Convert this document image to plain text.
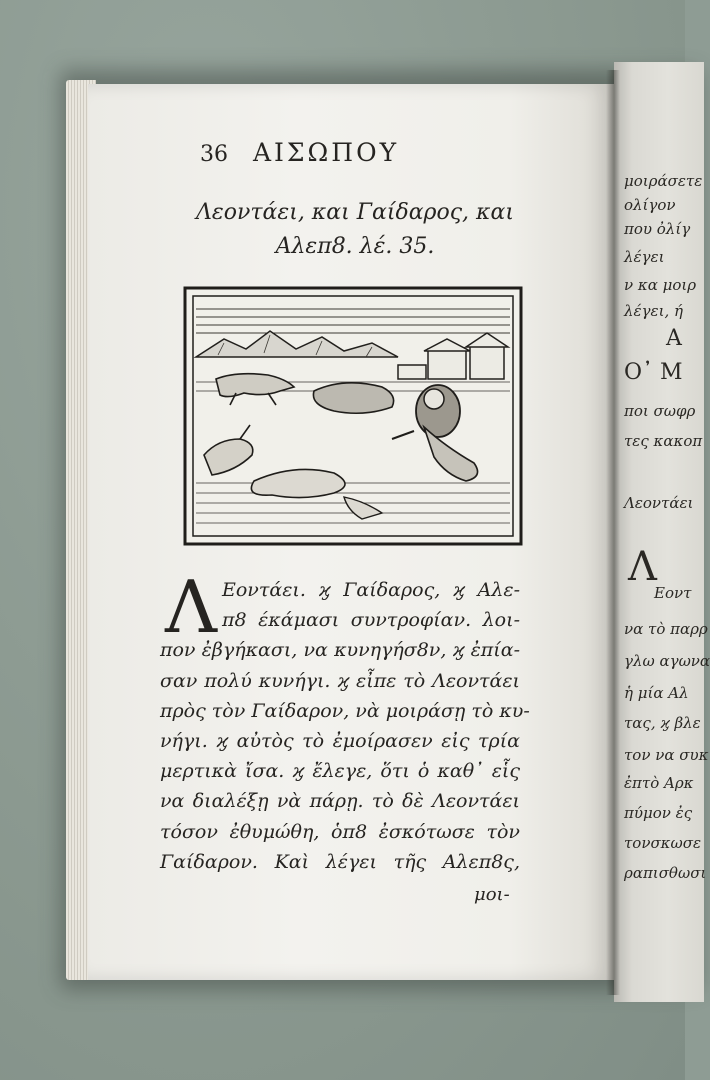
μοιράσετε
ολίγον
που ὀλίγ
λέγει
ν κα μοιρ
λέγει, ή
Α
Ο᾽ Μ
ποι σωφρ
τες κακοπ
Λεοντάει
Λ
Εοντ
να τὸ παρρ
γλω αγωνα
ἡ μία Αλ
τας, ϗ βλε
τον να συκ
ἐπτὸ Αρκ
πύμον ἐς
τονσκωσε
ραπισθωσι
36 ΑΙΣΩΠΟΥ
Λεοντάει, και Γαίδαρος, και
Αλεπ8. λέ. 35.
Λ Εοντάει. ϗ Γαίδαρος, ϗ Αλε-
π8 έκάμασι συντροφίαν. λοι-
πον ἐβγήκασι, να κυνηγήσ8ν, ϗ ἐπία-
σαν πολύ κυνήγι. ϗ εἶπε τὸ Λεοντάει
πρὸς τὸν Γαίδαρον, νὰ μοιράσῃ τὸ κυ-
νήγι. ϗ αὐτὸς τὸ ἐμοίρασεν εἰς τρία
μερτικὰ ἴσα. ϗ ἔλεγε, ὅτι ὁ καθ᾽ εἷς
να διαλέξῃ νὰ πάρῃ. τὸ δὲ Λεοντάει
τόσον ἐθυμώθη, ὁπ8 ἐσκότωσε τὸν
Γαίδαρον. Καὶ λέγει τῆς Αλεπ8ς,
μοι-
